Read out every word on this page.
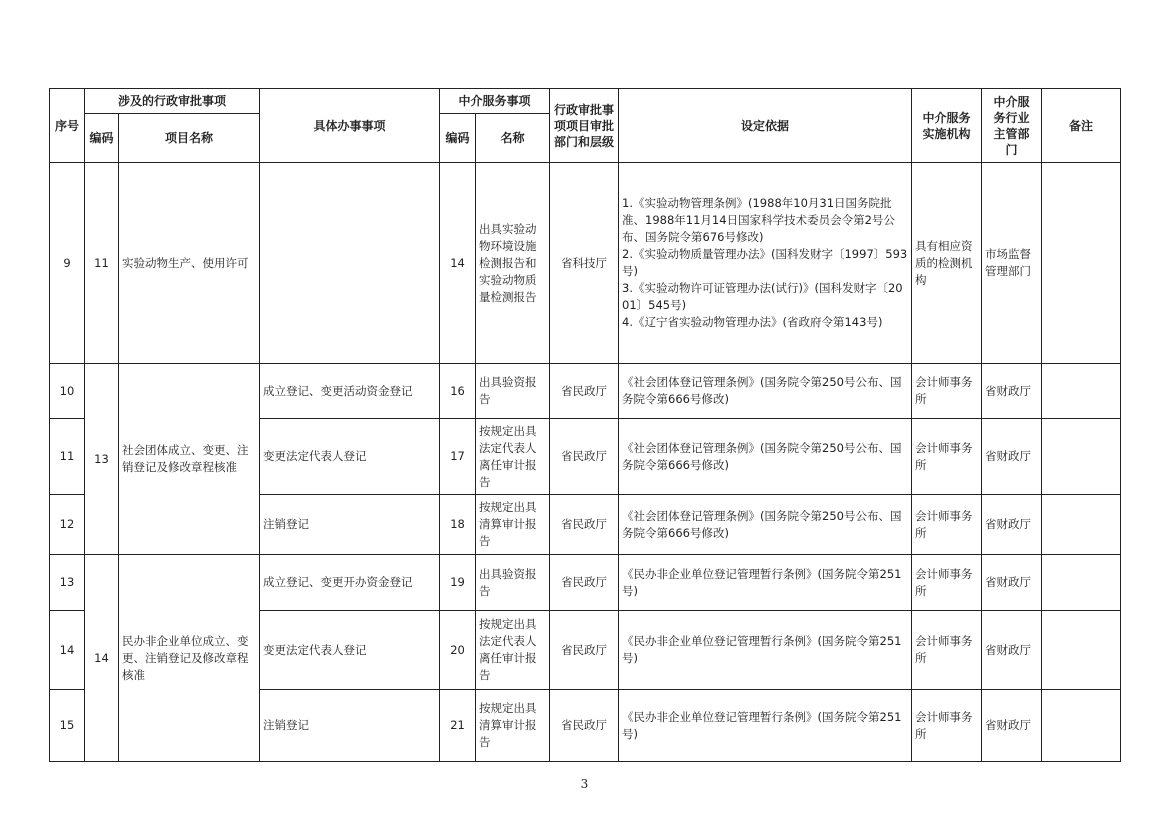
序号	涉及的行政审批事项		具体办事事项	中介服务事项		行政审批事项项目审批部门和层级	设定依据	中介服务实施机构	中介服务行业主管部门	备注
	编码	项目名称		编码	名称					
9	11	实验动物生产、使用许可		14	出具实验动物环境设施检测报告和实验动物质量检测报告	省科技厅	1.《实验动物管理条例》(1988年10月31日国务院批准、1988年11月14日国家科学技术委员会令第2号公布、国务院令第676号修改)
2.《实验动物质量管理办法》(国科发财字〔1997〕593号)
3.《实验动物许可证管理办法(试行)》(国科发财字〔2001〕545号)
4.《辽宁省实验动物管理办法》(省政府令第143号)	具有相应资质的检测机构	市场监督管理部门	
10	13	社会团体成立、变更、注销登记及修改章程核准	成立登记、变更活动资金登记	16	出具验资报告	省民政厅	《社会团体登记管理条例》(国务院令第250号公布、国务院令第666号修改)	会计师事务所	省财政厅	
11			变更法定代表人登记	17	按规定出具法定代表人离任审计报告	省民政厅	《社会团体登记管理条例》(国务院令第250号公布、国务院令第666号修改)	会计师事务所	省财政厅	
12			注销登记	18	按规定出具清算审计报告	省民政厅	《社会团体登记管理条例》(国务院令第250号公布、国务院令第666号修改)	会计师事务所	省财政厅	
13	14	民办非企业单位成立、变更、注销登记及修改章程核准	成立登记、变更开办资金登记	19	出具验资报告	省民政厅	《民办非企业单位登记管理暂行条例》(国务院令第251号)	会计师事务所	省财政厅	
14			变更法定代表人登记	20	按规定出具法定代表人离任审计报告	省民政厅	《民办非企业单位登记管理暂行条例》(国务院令第251号)	会计师事务所	省财政厅	
15			注销登记	21	按规定出具清算审计报告	省民政厅	《民办非企业单位登记管理暂行条例》(国务院令第251号)	会计师事务所	省财政厅	
3
